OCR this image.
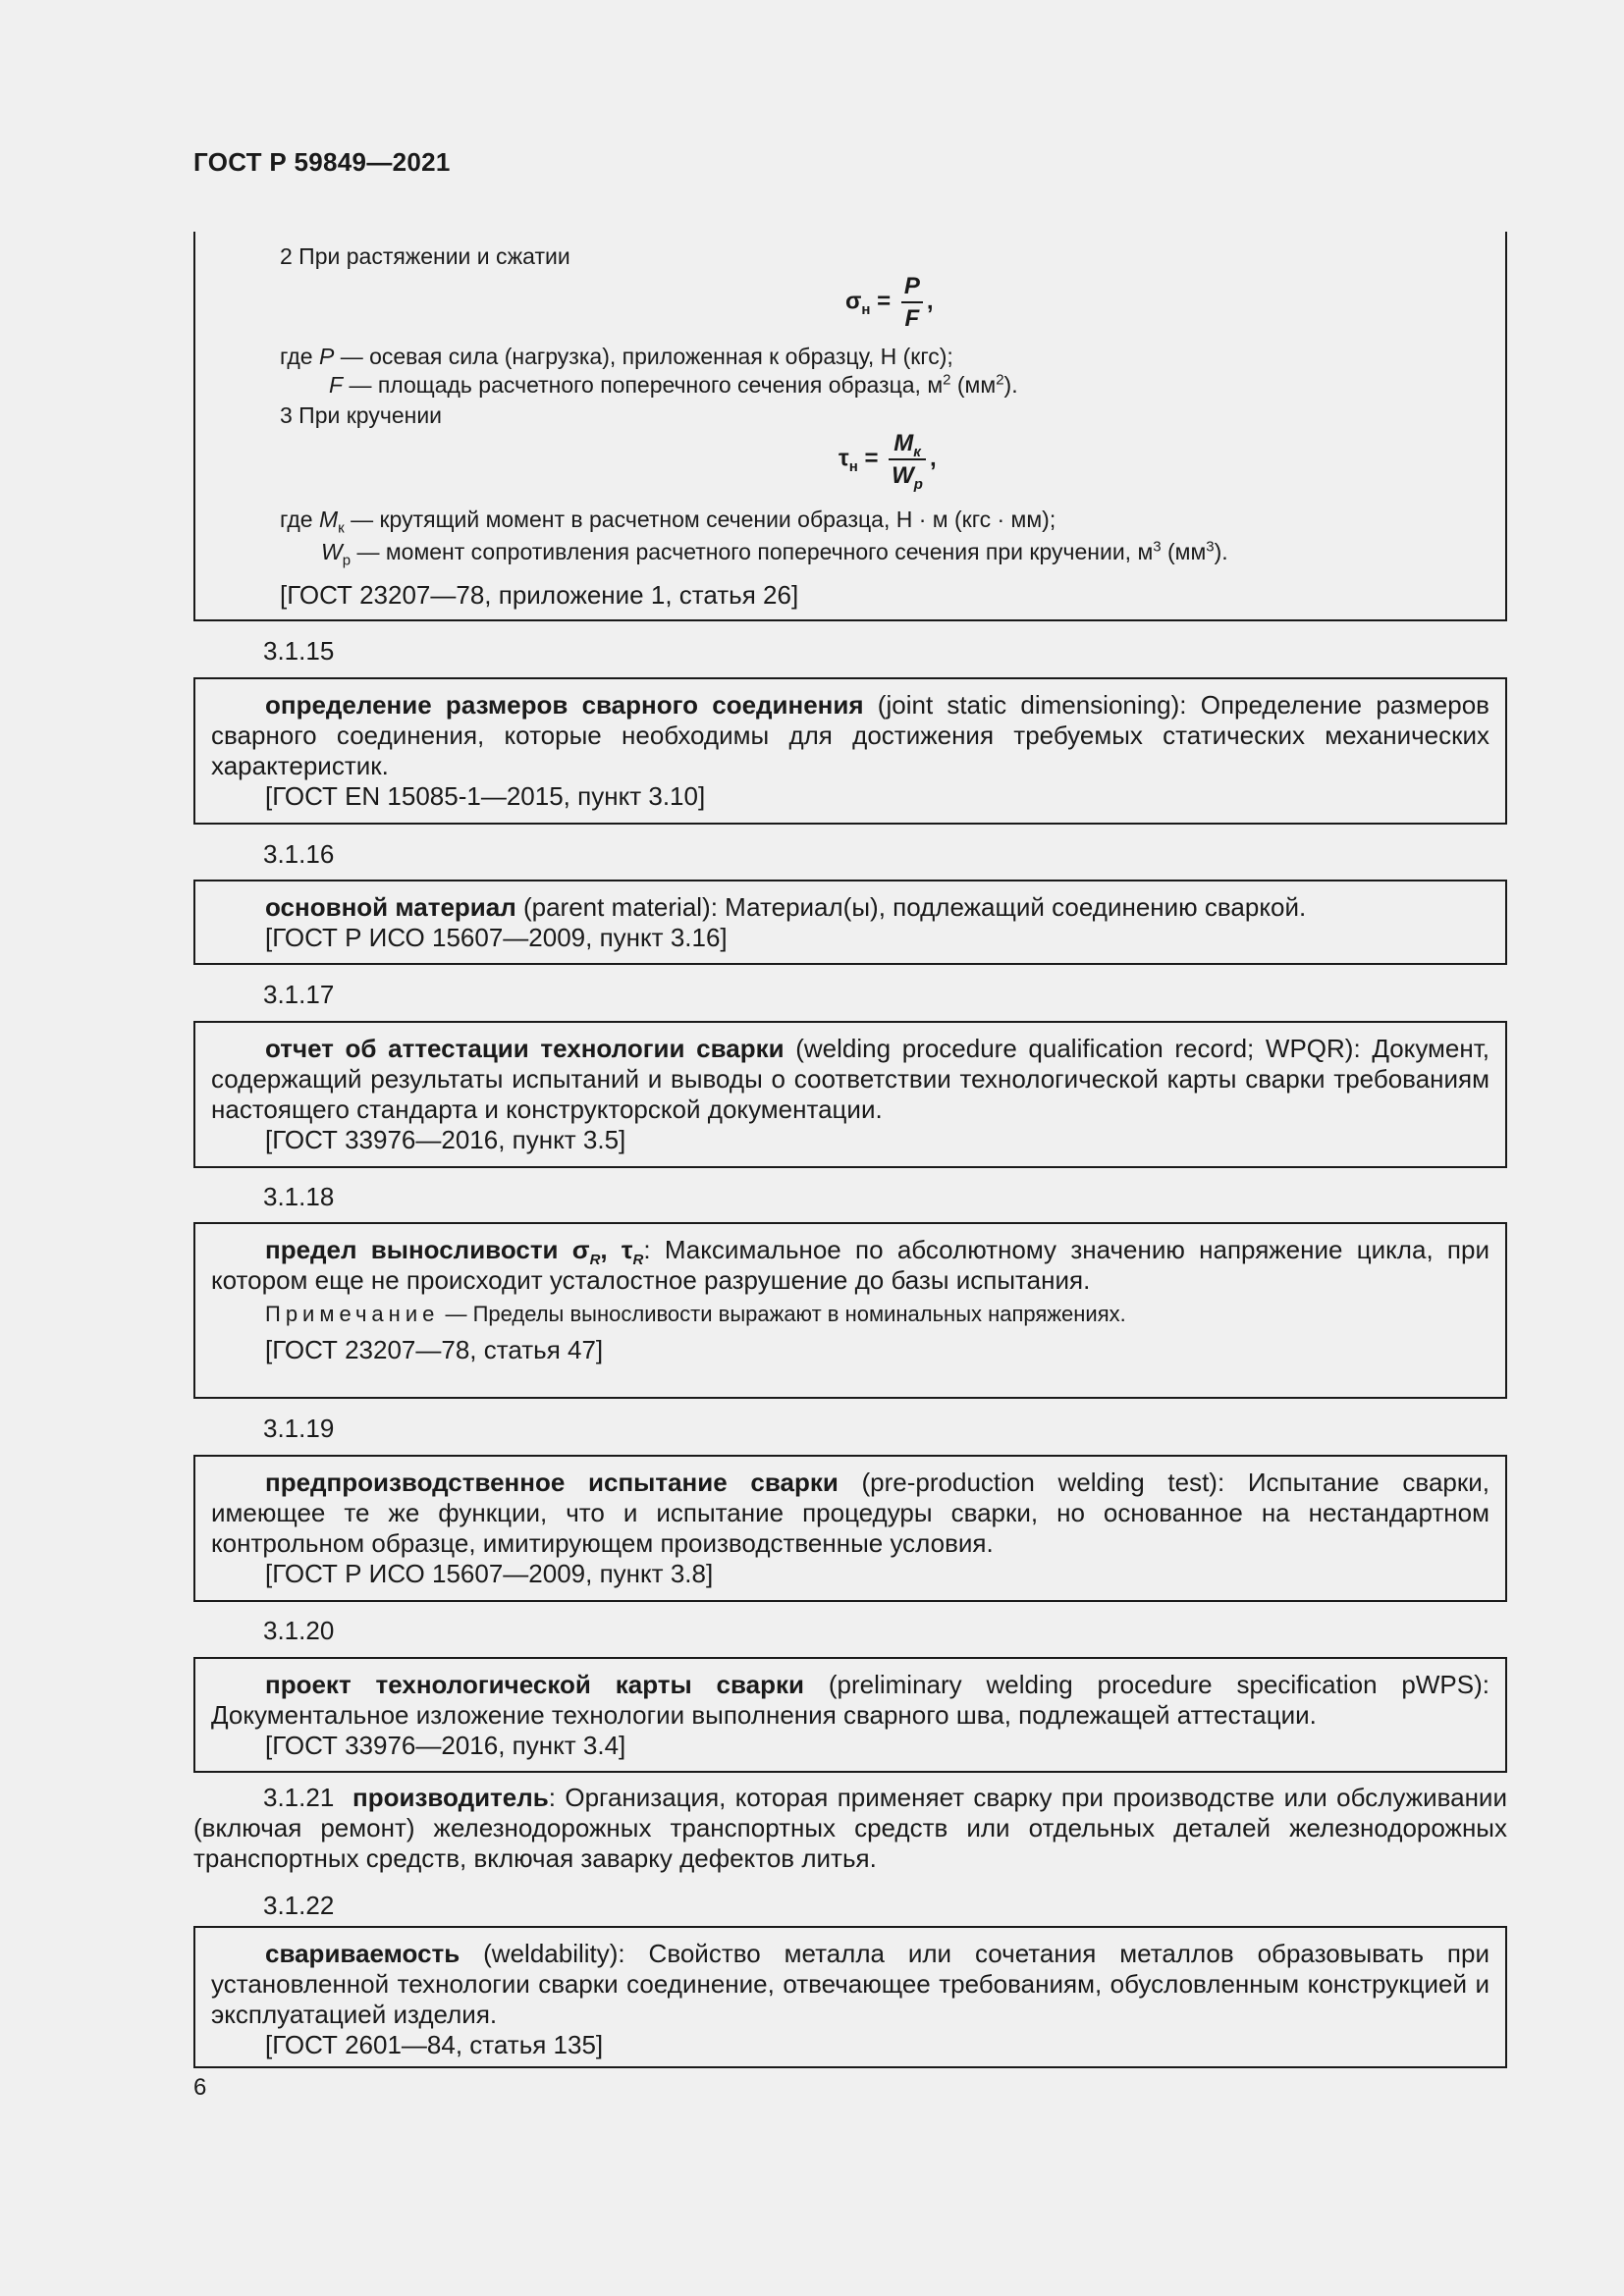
ГОСТ Р 59849—2021
2 При растяжении и сжатии
$\sigma_н = \frac{P}{F}$ ,
где P — осевая сила (нагрузка), приложенная к образцу, Н (кгс);
F — площадь расчетного поперечного сечения образца, $м^2$ $(мм^2)$.
3 При кручении
$\tau_н = \frac{M_к}{W_p}$ ,
где $M_к$ — крутящий момент в расчетном сечении образца, Н · м (кгс · мм);
$W_р$ — момент сопротивления расчетного поперечного сечения при кручении, $м^3$ $(мм^3)$.
[ГОСТ 23207—78, приложение 1, статья 26]
3.1.15
определение размеров сварного соединения (joint static dimensioning): Определение размеров сварного соединения, которые необходимы для достижения требуемых статических механических характеристик.
[ГОСТ EN 15085-1—2015, пункт 3.10]
3.1.16
основной материал (parent material): Материал(ы), подлежащий соединению сваркой.
[ГОСТ Р ИСО 15607—2009, пункт 3.16]
3.1.17
отчет об аттестации технологии сварки (welding procedure qualification record; WPQR): Документ, содержащий результаты испытаний и выводы о соответствии технологической карты сварки требованиям настоящего стандарта и конструкторской документации.
[ГОСТ 33976—2016, пункт 3.5]
3.1.18
предел выносливости $\sigma_R$, $\tau_R$: Максимальное по абсолютному значению напряжение цикла, при котором еще не происходит усталостное разрушение до базы испытания.
Примечание — Пределы выносливости выражают в номинальных напряжениях.
[ГОСТ 23207—78, статья 47]
3.1.19
предпроизводственное испытание сварки (pre-production welding test): Испытание сварки, имеющее те же функции, что и испытание процедуры сварки, но основанное на нестандартном контрольном образце, имитирующем производственные условия.
[ГОСТ Р ИСО 15607—2009, пункт 3.8]
3.1.20
проект технологической карты сварки (preliminary welding procedure specification pWPS): Документальное изложение технологии выполнения сварного шва, подлежащей аттестации.
[ГОСТ 33976—2016, пункт 3.4]
3.1.21 производитель: Организация, которая применяет сварку при производстве или обслуживании (включая ремонт) железнодорожных транспортных средств или отдельных деталей железнодорожных транспортных средств, включая заварку дефектов литья.
3.1.22
свариваемость (weldability): Свойство металла или сочетания металлов образовывать при установленной технологии сварки соединение, отвечающее требованиям, обусловленным конструкцией и эксплуатацией изделия.
[ГОСТ 2601—84, статья 135]
6
